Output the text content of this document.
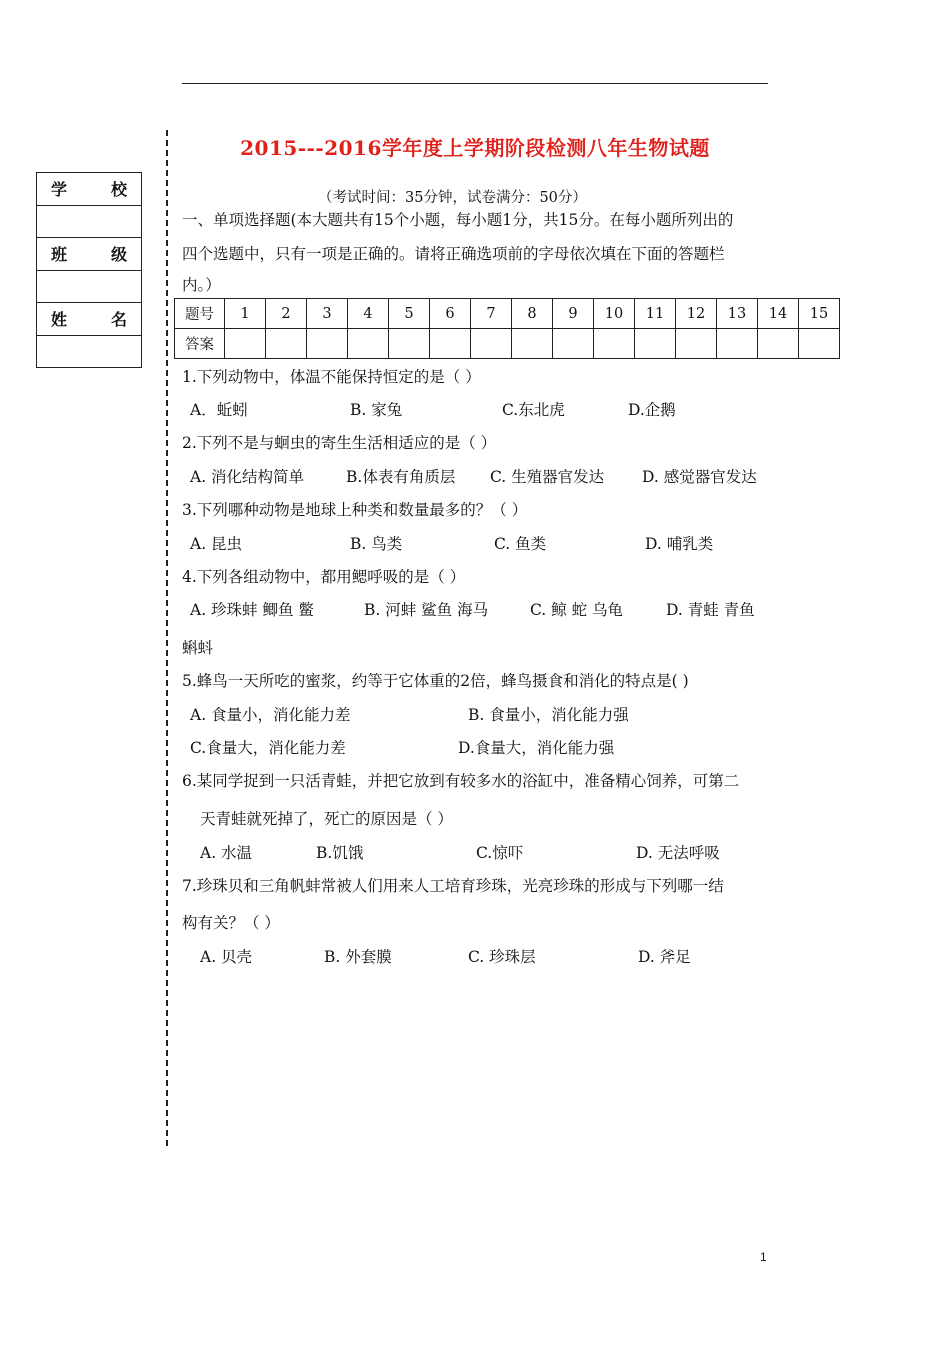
学	校
班	级
姓	名
2015---2016学年度上学期阶段检测八年生物试题
（考试时间：35分钟，试卷满分：50分）
一、单项选择题(本大题共有15个小题，每小题1分，共15分。在每小题所列出的
四个选题中，只有一项是正确的。请将正确选项前的字母依次填在下面的答题栏
内。）
题号	1	2	3	4	5	6	7	8	9	10	11	12	13	14	15
答案															
1.下列动物中，体温不能保持恒定的是（ ）
A．蚯蚓	B. 家兔	C.东北虎	D.企鹅
2.下列不是与蛔虫的寄生生活相适应的是（ ）
A. 消化结构简单	B.体表有角质层 C. 生殖器官发达 D. 感觉器官发达
3.下列哪种动物是地球上种类和数量最多的？（ ）
A. 昆虫	B. 鸟类	C. 鱼类	D. 哺乳类
4.下列各组动物中，都用鳃呼吸的是（ ）
A. 珍珠蚌 鲫鱼 鳖	B. 河蚌 鲨鱼 海马	C. 鲸 蛇 乌龟	D. 青蛙 青鱼
蝌蚪
5.蜂鸟一天所吃的蜜浆，约等于它体重的2倍，蜂鸟摄食和消化的特点是( )
A. 食量小，消化能力差	B. 食量小，消化能力强
C.食量大，消化能力差	D.食量大，消化能力强
6.某同学捉到一只活青蛙，并把它放到有较多水的浴缸中，准备精心饲养，可第二
天青蛙就死掉了，死亡的原因是（ ）
A. 水温	B.饥饿	C.惊吓	D. 无法呼吸
7.珍珠贝和三角帆蚌常被人们用来人工培育珍珠，光亮珍珠的形成与下列哪一结
构有关？（ ）
A. 贝壳	B. 外套膜	C. 珍珠层	D. 斧足
1
